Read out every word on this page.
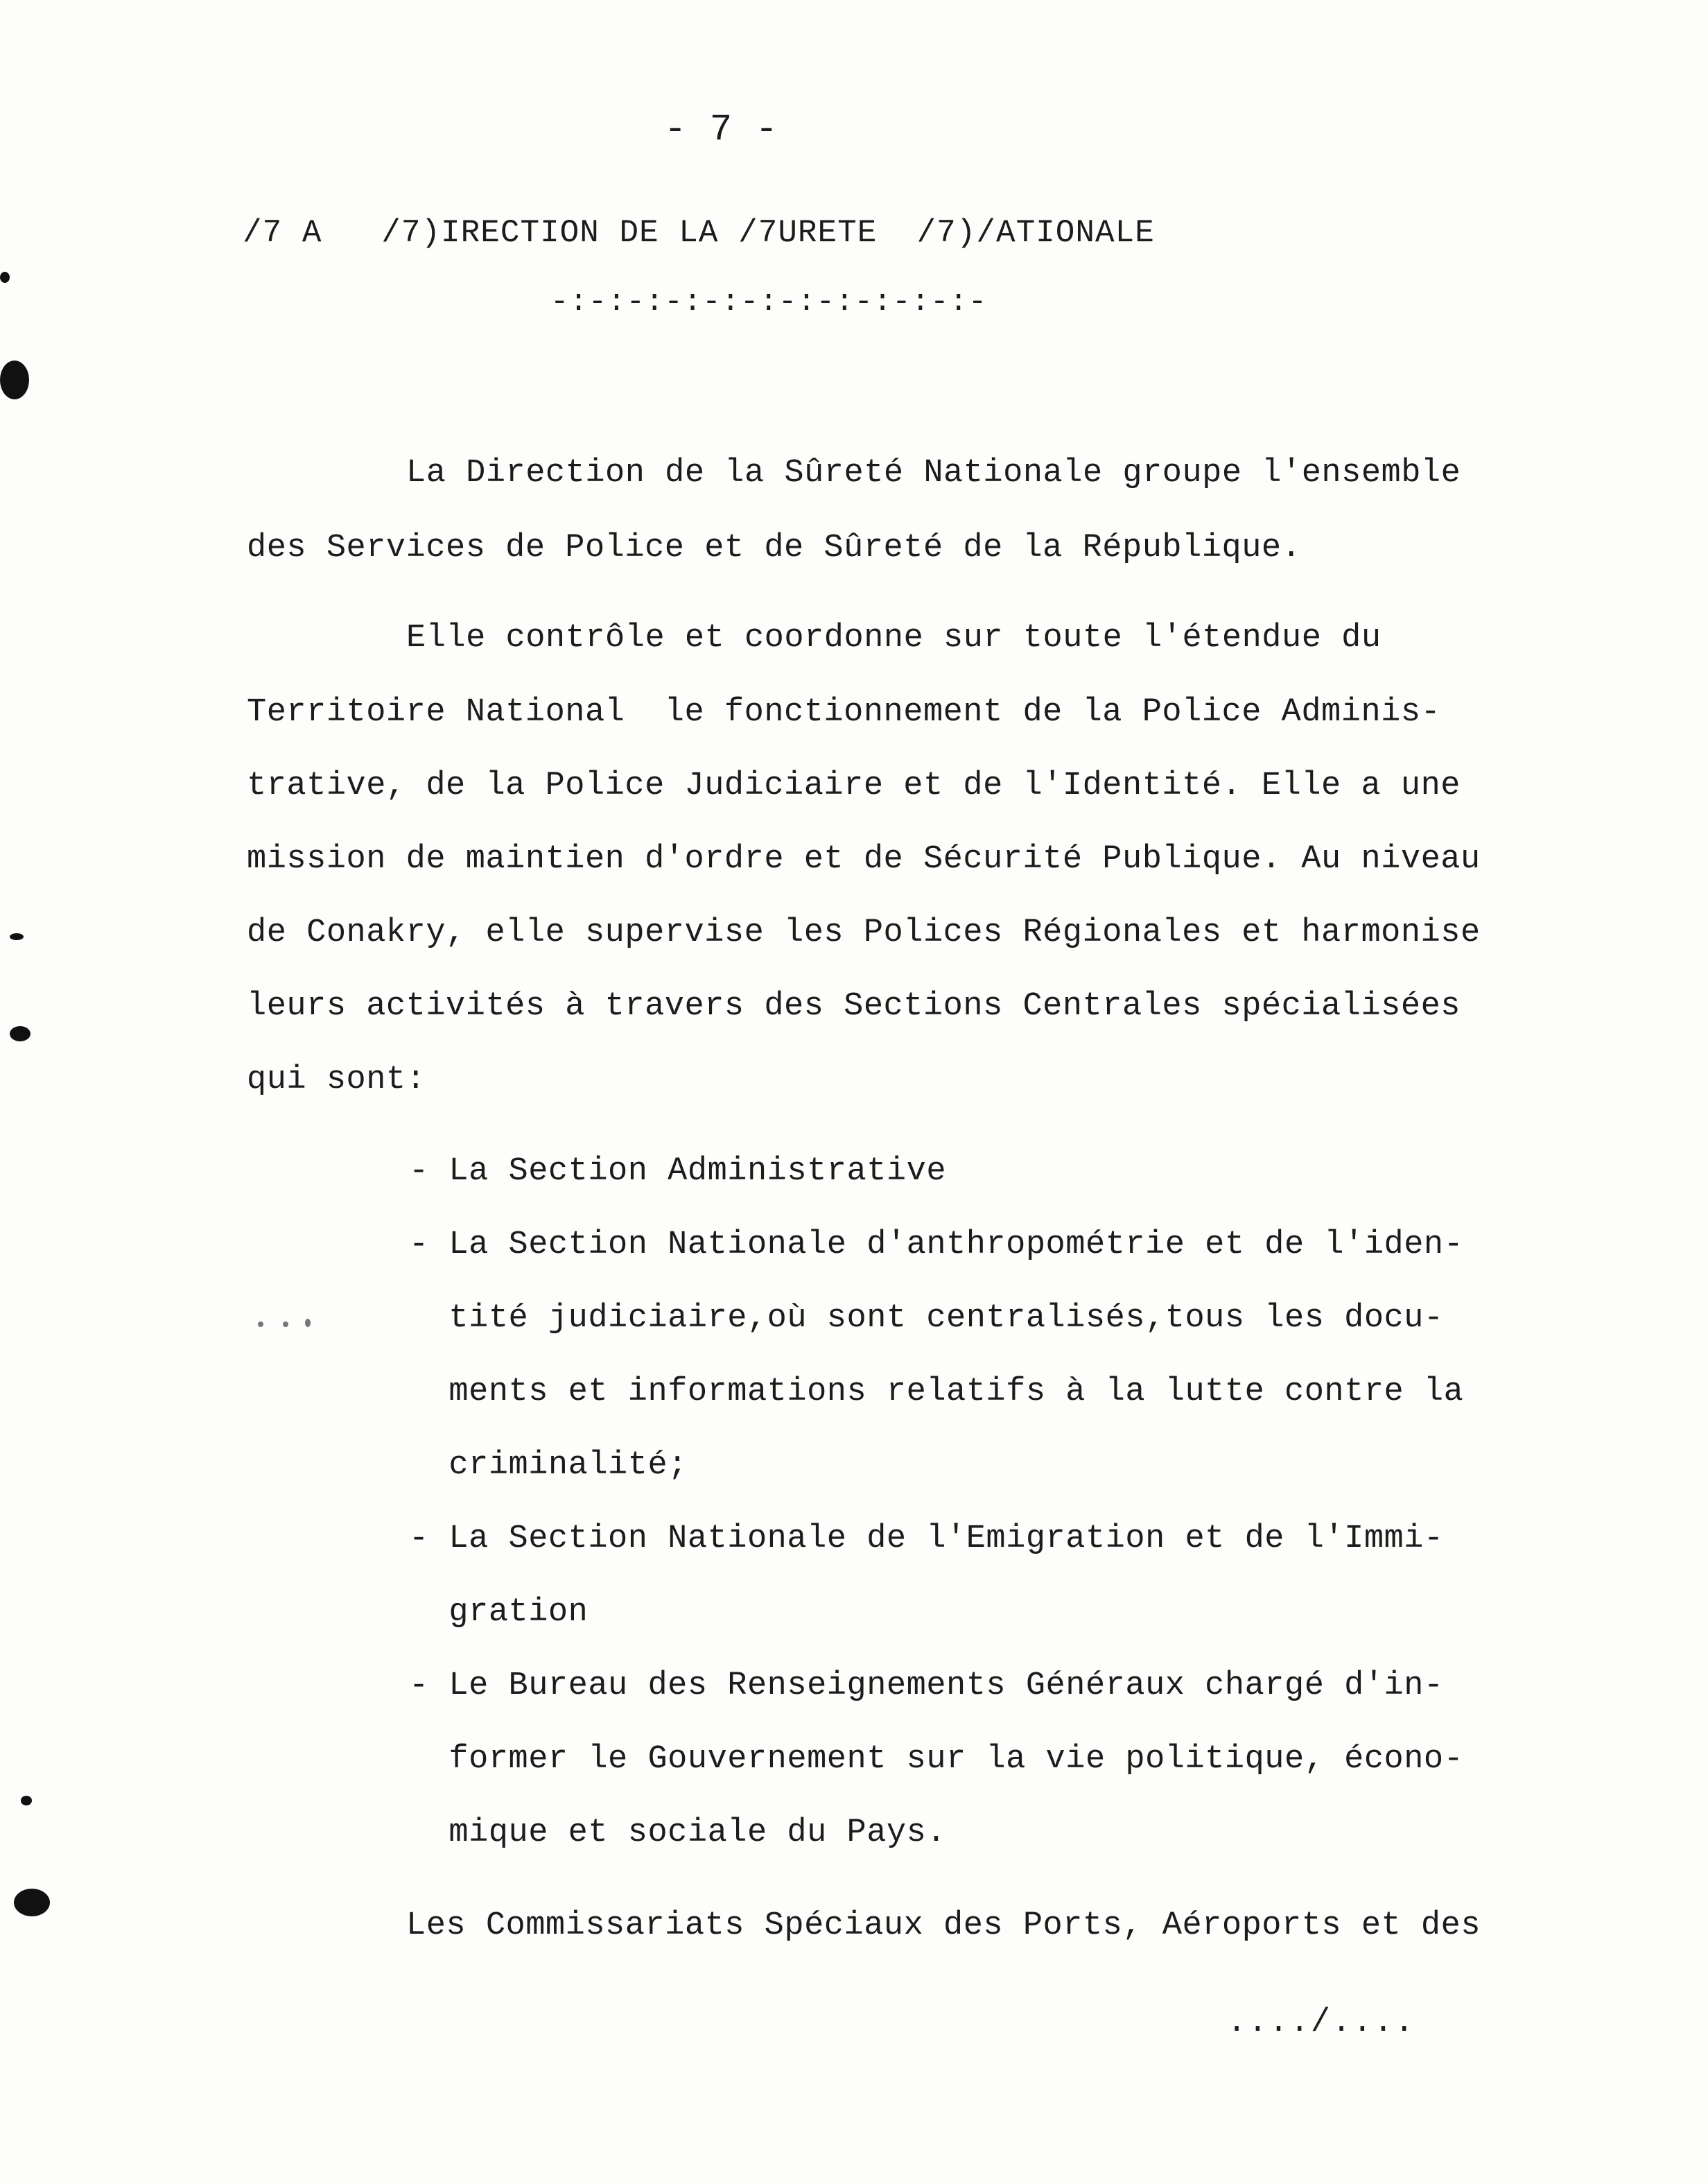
- 7 -
/7 A   /7)IRECTION DE LA /7URETE  /7)/ATIONALE
-:-:-:-:-:-:-:-:-:-:-:-
La Direction de la Sûreté Nationale groupe l'ensemble
des Services de Police et de Sûreté de la République.
Elle contrôle et coordonne sur toute l'étendue du
Territoire National  le fonctionnement de la Police Adminis-
trative, de la Police Judiciaire et de l'Identité. Elle a une
mission de maintien d'ordre et de Sécurité Publique. Au niveau
de Conakry, elle supervise les Polices Régionales et harmonise
leurs activités à travers des Sections Centrales spécialisées
qui sont:
- La Section Administrative
- La Section Nationale d'anthropométrie et de l'iden-
tité judiciaire,où sont centralisés,tous les docu-
ments et informations relatifs à la lutte contre la
criminalité;
- La Section Nationale de l'Emigration et de l'Immi-
gration
- Le Bureau des Renseignements Généraux chargé d'in-
former le Gouvernement sur la vie politique, écono-
mique et sociale du Pays.
Les Commissariats Spéciaux des Ports, Aéroports et des
..../....
